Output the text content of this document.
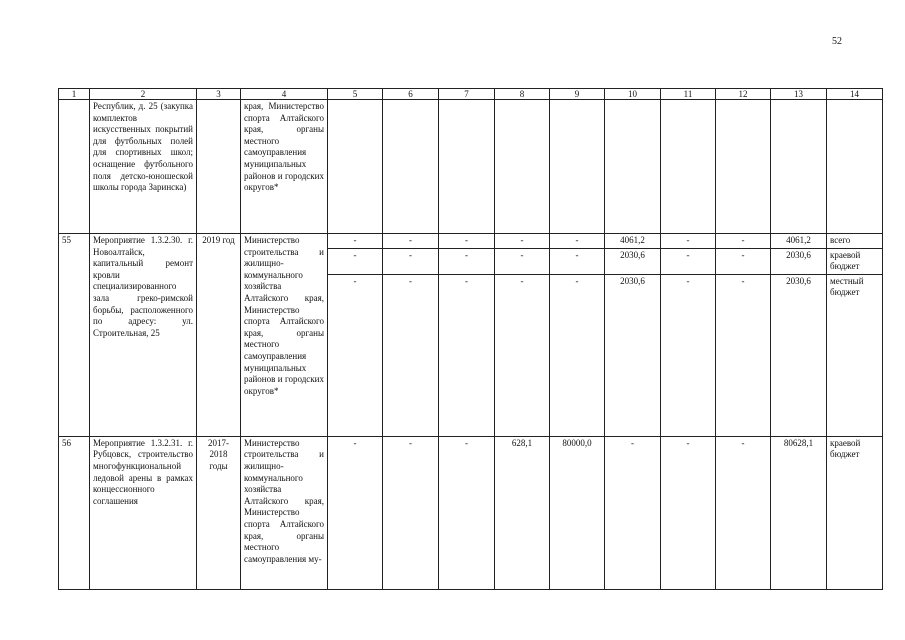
52
1	2	3	4	5	6	7	8	9	10	11	12	13	14
	Республик, д. 25 (закупка комплектов искусственных покрытий для футбольных полей для спортивных школ; оснащение футбольного поля детско-юношеской школы города Заринска)		края, Министерство спорта Алтайского края, органы местного самоуправления муниципальных районов и городских округов*										
55	Мероприятие 1.3.2.30. г. Новоалтайск, капитальный ремонт кровли специализированного зала греко-римской борьбы, расположенного по адресу: ул. Строительная, 25	2019 год	Министерство строительства и жилищно-коммунального хозяйства Алтайского края, Министерство спорта Алтайского края, органы местного самоуправления муниципальных районов и городских округов*	-	-	-	-	-	4061,2	-	-	4061,2	всего
				-	-	-	-	-	2030,6	-	-	2030,6	краевой бюджет
				-	-	-	-	-	2030,6	-	-	2030,6	местный бюджет
56	Мероприятие 1.3.2.31. г. Рубцовск, строительство многофункциональной ледовой арены в рамках концессионного соглашения	2017-2018 годы	Министерство строительства и жилищно-коммунального хозяйства Алтайского края, Министерство спорта Алтайского края, органы местного самоуправления му-	-	-	-	628,1	80000,0	-	-	-	80628,1	краевой бюджет
